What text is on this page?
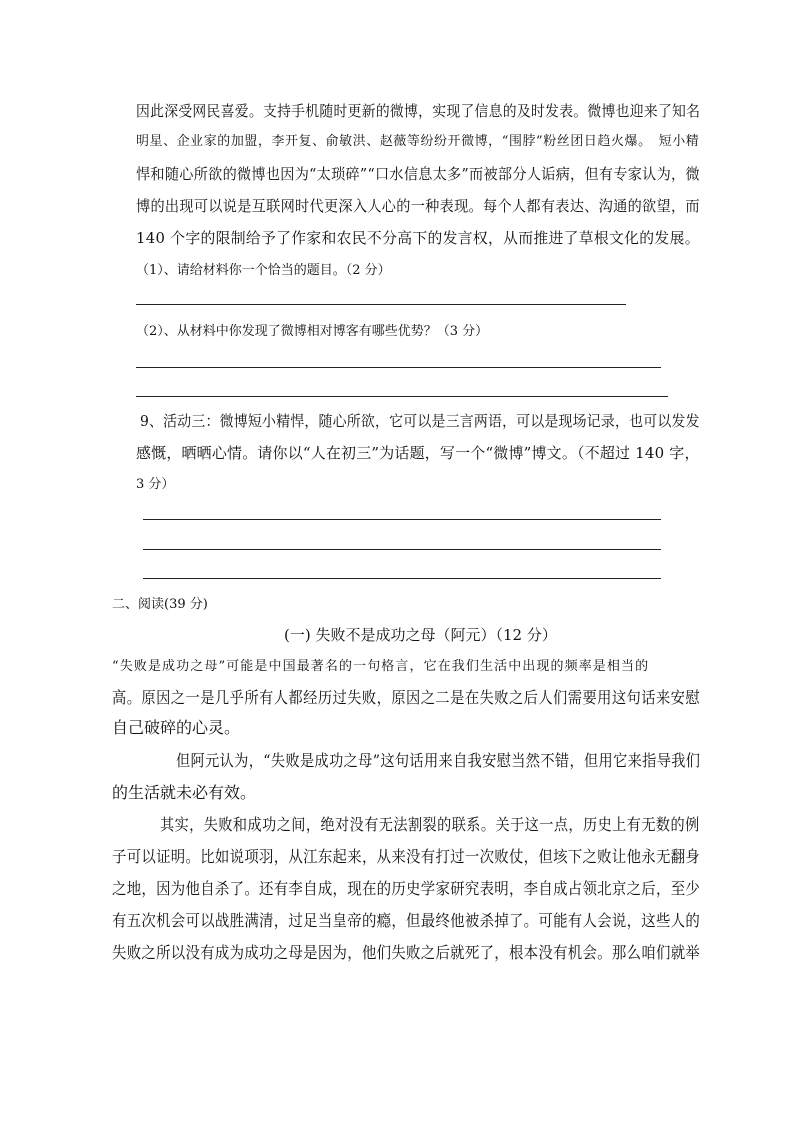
因此深受网民喜爱。支持手机随时更新的微博，实现了信息的及时发表。微博也迎来了知名
明星、企业家的加盟，李开复、俞敏洪、赵薇等纷纷开微博，“围脖”粉丝团日趋火爆。　短小精
悍和随心所欲的微博也因为“太琐碎”“口水信息太多”而被部分人诟病，但有专家认为，微
博的出现可以说是互联网时代更深入人心的一种表现。每个人都有表达、沟通的欲望，而
140 个字的限制给予了作家和农民不分高下的发言权，从而推进了草根文化的发展。
（1）、请给材料你一个恰当的题目。（2 分）
（2）、从材料中你发现了微博相对博客有哪些优势？（3 分）
9、活动三：微博短小精悍，随心所欲，它可以是三言两语，可以是现场记录，也可以发发
感慨，晒晒心情。请你以“人在初三”为话题，写一个“微博”博文。（不超过 140 字，
3 分）
二、阅读(39 分)
(一) 失败不是成功之母（阿元）（12 分）
“失败是成功之母”可能是中国最著名的一句格言，它在我们生活中出现的频率是相当的
高。原因之一是几乎所有人都经历过失败，原因之二是在失败之后人们需要用这句话来安慰
自己破碎的心灵。
但阿元认为，“失败是成功之母”这句话用来自我安慰当然不错，但用它来指导我们
的生活就未必有效。
其实，失败和成功之间，绝对没有无法割裂的联系。关于这一点，历史上有无数的例
子可以证明。比如说项羽，从江东起来，从来没有打过一次败仗，但垓下之败让他永无翻身
之地，因为他自杀了。还有李自成，现在的历史学家研究表明，李自成占领北京之后，至少
有五次机会可以战胜满清，过足当皇帝的瘾，但最终他被杀掉了。可能有人会说，这些人的
失败之所以没有成为成功之母是因为，他们失败之后就死了，根本没有机会。那么咱们就举
